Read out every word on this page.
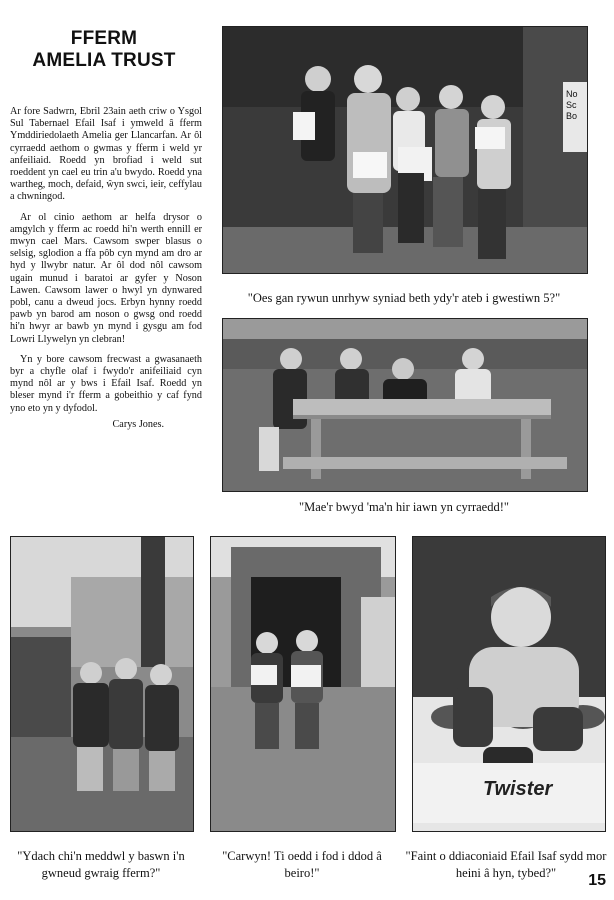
FFERM
AMELIA TRUST

Ar fore Sadwrn, Ebril 23ain aeth criw o Ysgol Sul Tabernael Efail Isaf i ymweld â fferm Ymddiriedolaeth Amelia ger Llancarfan. Ar ôl cyrraedd aethom o gwmas y fferm i weld yr anfeiliaid. Roedd yn brofiad i weld sut roeddent yn cael eu trin a'u bwydo. Roedd yna wartheg, moch, defaid, ŵyn swci, ieir, ceffylau a chwningod.

Ar ol cinio aethom ar helfa drysor o amgylch y fferm ac roedd hi'n werth ennill er mwyn cael Mars. Cawsom swper blasus o selsig, sglodion a ffa pôb cyn mynd am dro ar hyd y llwybr natur. Ar ôl dod nôl cawsom ugain munud i baratoi ar gyfer y Noson Lawen. Cawsom lawer o hwyl yn dynwared pobl, canu a dweud jocs. Erbyn hynny roedd pawb yn barod am noson o gwsg ond roedd hi'n hwyr ar bawb yn mynd i gysgu am fod Lowri Llywelyn yn clebran!

Yn y bore cawsom frecwast a gwasanaeth byr a chyfle olaf i fwydo'r anifeiliaid cyn mynd nôl ar y bws i Efail Isaf. Roedd yn bleser mynd i'r fferm a gobeithio y caf fynd yno eto yn y dyfodol.

Carys Jones.
No Sc Bo
"Oes gan rywun unrhyw syniad beth ydy'r ateb i gwestiwn 5?"
"Mae'r bwyd 'ma'n hir iawn yn cyrraedd!"
"Ydach chi'n meddwl y baswn i'n gwneud gwraig fferm?"
"Carwyn! Ti oedd i fod i ddod â beiro!"
Twister
"Faint o ddiaconiaid Efail Isaf sydd mor heini â hyn, tybed?"	15
